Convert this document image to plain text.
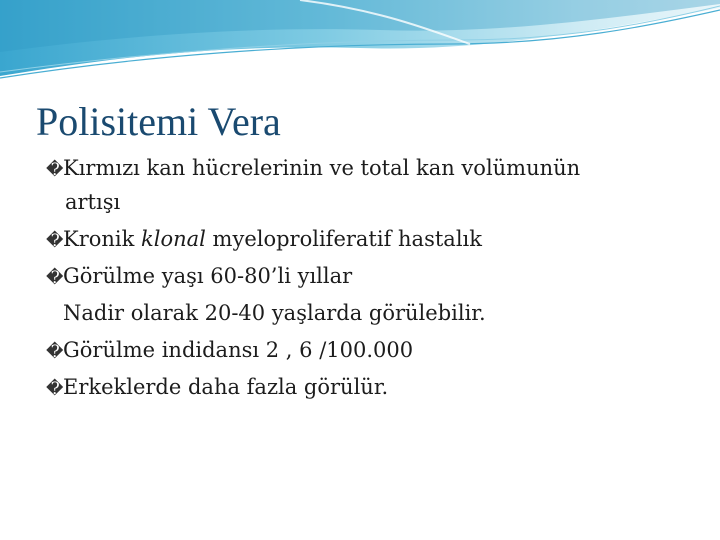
Polisitemi Vera
�Kırmızı kan hücrelerinin ve total kan volümunün
artışı
�Kronik klonal myeloproliferatif hastalık
�Görülme yaşı 60-80’li yıllar
Nadir olarak 20-40 yaşlarda görülebilir.
�Görülme indidansı 2 , 6 /100.000
�Erkeklerde daha fazla görülür.
